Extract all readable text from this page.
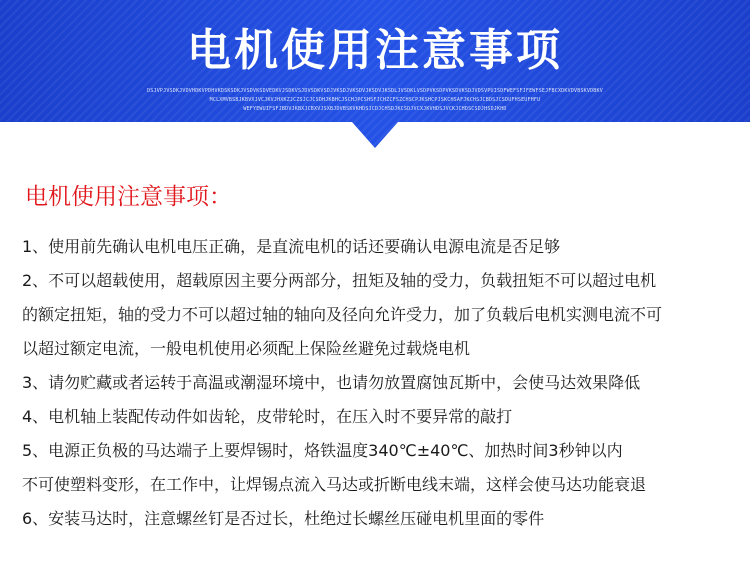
电机使用注意事项
DSJVPJVSDKJVDVHDKVPDHVKDSKSDKJVSDVKSDVEDKVJSDKVSJDVSDKVSDJVKSDJVKSDVJKSDVJKSDLJVSDKLVSDPVKSDPVKSDVKSDJVDSVPUISDFWEFSFJFEWFSEJFBCXDKVDVBSKVDBKV
MCLXMVBSBJKBVXJVCJKVJHXKZJCZSJCJCSDHJKBHCJSCHJPCSHSFJCHZCFSZCHSCPJKSHCPJSKCHSAFJKCHSJCBDSJCSDUFHSEUFHFU
WEFYEWUIFSFJBDVJKBXJCBXVJSXBJDVBSKVKHDSJCDJCHSDJKCSDJVCXJKVHDSJVCKJCHDSCSDJHSDJKHD
电机使用注意事项：
1、使用前先确认电机电压正确，是直流电机的话还要确认电源电流是否足够
2、不可以超载使用，超载原因主要分两部分，扭矩及轴的受力，负载扭矩不可以超过电机
的额定扭矩，轴的受力不可以超过轴的轴向及径向允许受力，加了负载后电机实测电流不可
以超过额定电流，一般电机使用必须配上保险丝避免过载烧电机
3、请勿贮藏或者运转于高温或潮湿环境中，也请勿放置腐蚀瓦斯中，会使马达效果降低
4、电机轴上装配传动件如齿轮，皮带轮时，在压入时不要异常的敲打
5、电源正负极的马达端子上要焊锡时，烙铁温度340℃±40℃、加热时间3秒钟以内
不可使塑料变形，在工作中，让焊锡点流入马达或折断电线末端，这样会使马达功能衰退
6、安装马达时，注意螺丝钉是否过长，杜绝过长螺丝压碰电机里面的零件
